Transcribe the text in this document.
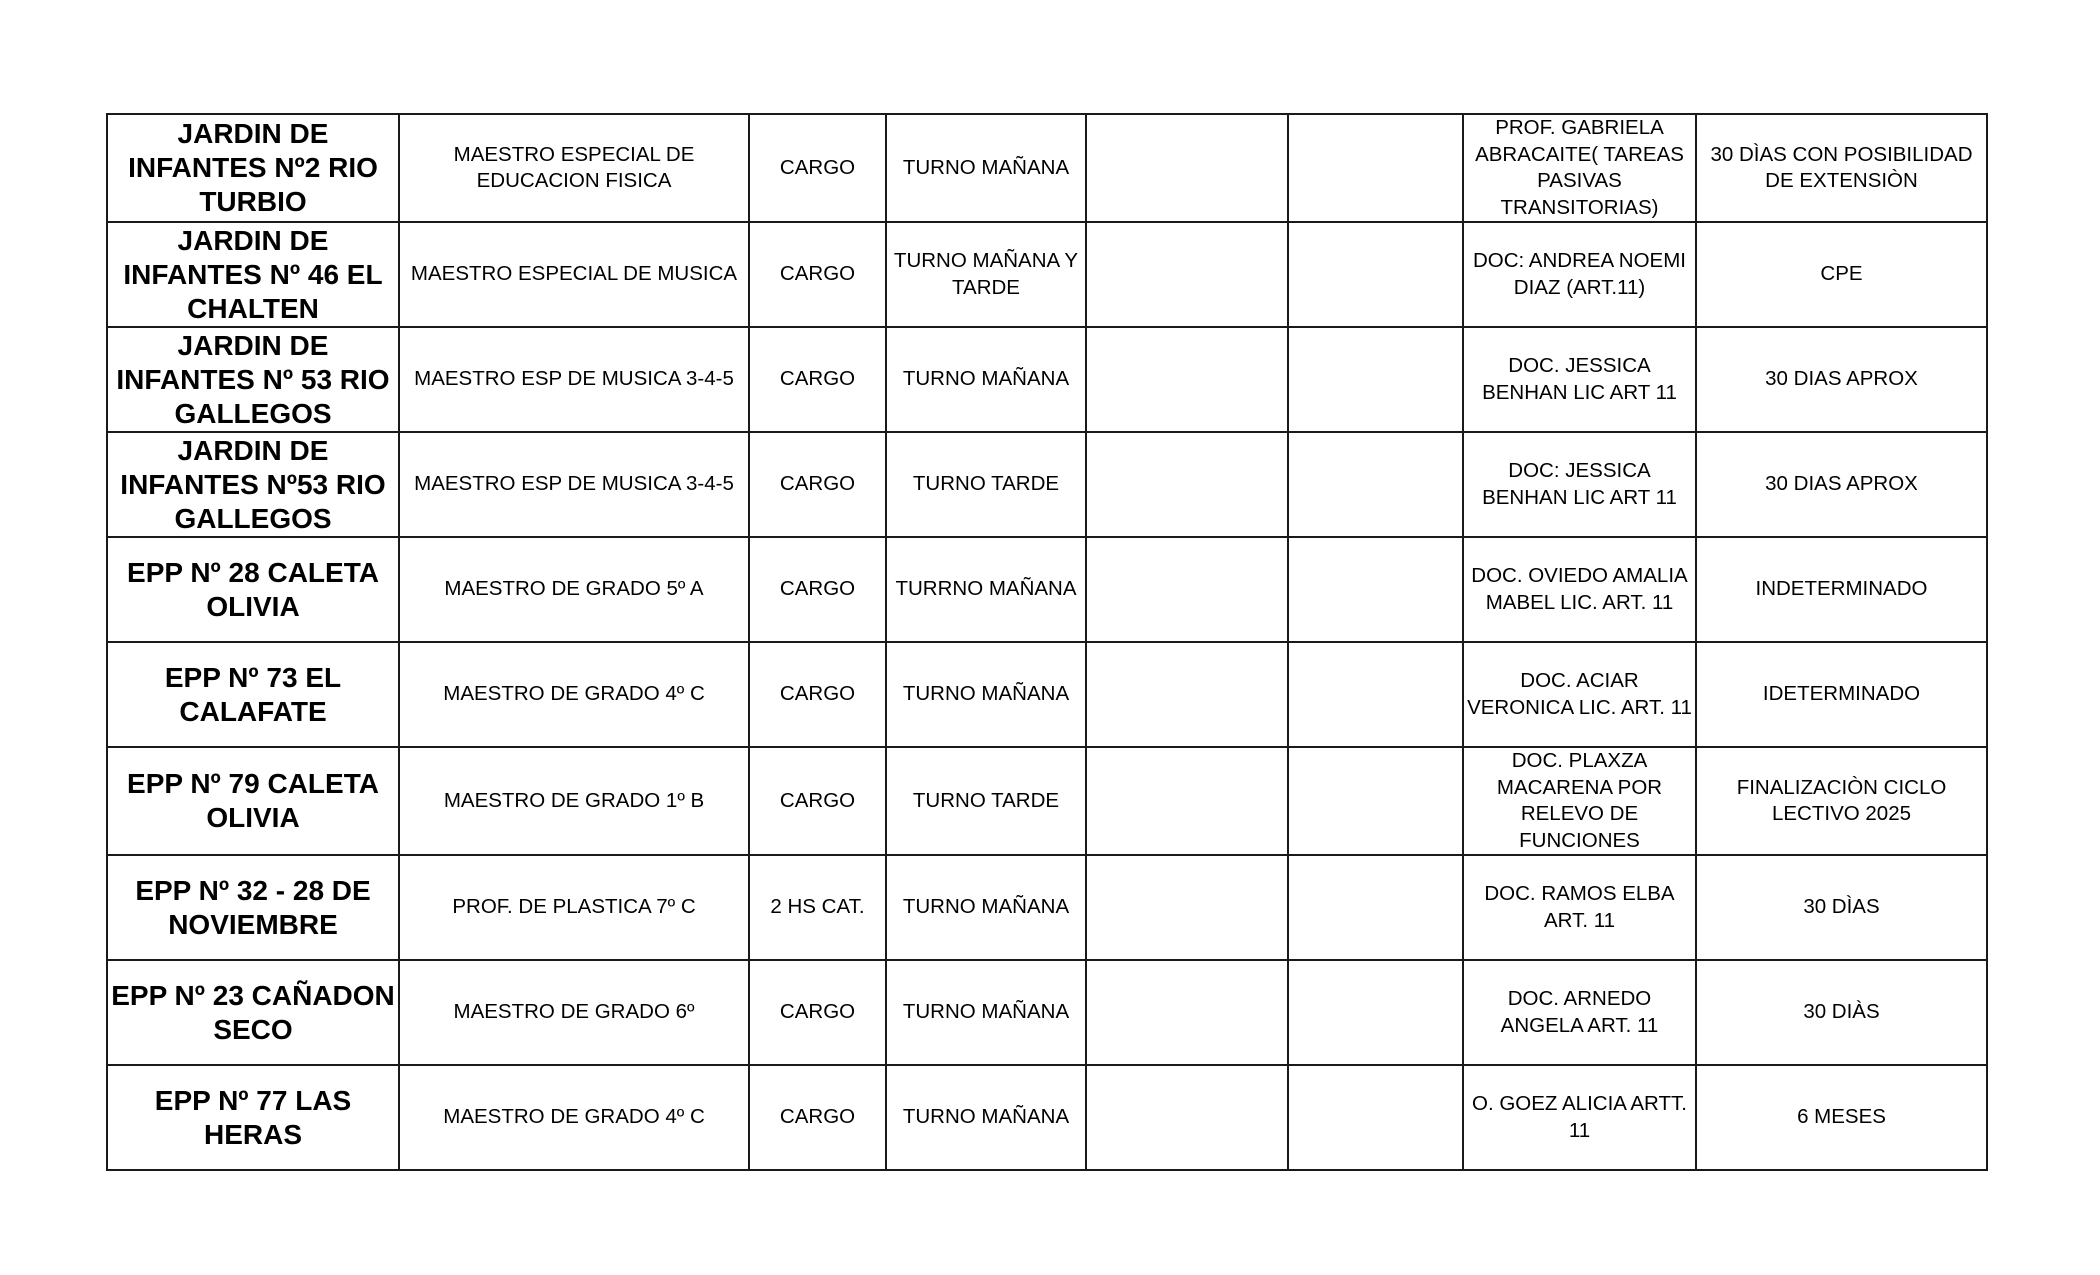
JARDIN DE INFANTES Nº2 RIO TURBIO	MAESTRO ESPECIAL DE EDUCACION FISICA	CARGO	TURNO MAÑANA			PROF. GABRIELA ABRACAITE( TAREAS PASIVAS TRANSITORIAS)	30 DÌAS CON POSIBILIDAD DE EXTENSIÒN
JARDIN DE INFANTES Nº 46 EL CHALTEN	MAESTRO ESPECIAL DE MUSICA	CARGO	TURNO MAÑANA Y TARDE			DOC: ANDREA NOEMI DIAZ (ART.11)	CPE
JARDIN DE INFANTES Nº 53 RIO GALLEGOS	MAESTRO ESP DE MUSICA 3-4-5	CARGO	TURNO MAÑANA			DOC. JESSICA BENHAN LIC ART 11	30 DIAS APROX
JARDIN DE INFANTES Nº53 RIO GALLEGOS	MAESTRO ESP DE MUSICA 3-4-5	CARGO	TURNO TARDE			DOC: JESSICA BENHAN LIC ART 11	30 DIAS APROX
EPP Nº 28 CALETA OLIVIA	MAESTRO DE GRADO 5º A	CARGO	TURRNO MAÑANA			DOC. OVIEDO AMALIA MABEL LIC. ART. 11	INDETERMINADO
EPP Nº 73 EL CALAFATE	MAESTRO DE GRADO 4º C	CARGO	TURNO MAÑANA			DOC. ACIAR VERONICA LIC. ART. 11	IDETERMINADO
EPP Nº 79 CALETA OLIVIA	MAESTRO DE GRADO 1º B	CARGO	TURNO TARDE			DOC. PLAXZA MACARENA POR RELEVO DE FUNCIONES	FINALIZACIÒN CICLO LECTIVO 2025
EPP Nº 32 - 28 DE NOVIEMBRE	PROF. DE PLASTICA 7º C	2 HS CAT.	TURNO MAÑANA			DOC. RAMOS ELBA ART. 11	30 DÌAS
EPP Nº 23 CAÑADON SECO	MAESTRO DE GRADO 6º	CARGO	TURNO MAÑANA			DOC. ARNEDO ANGELA ART. 11	30 DIÀS
EPP Nº 77 LAS HERAS	MAESTRO DE GRADO 4º C	CARGO	TURNO MAÑANA			O. GOEZ ALICIA ARTT. 11	6 MESES
